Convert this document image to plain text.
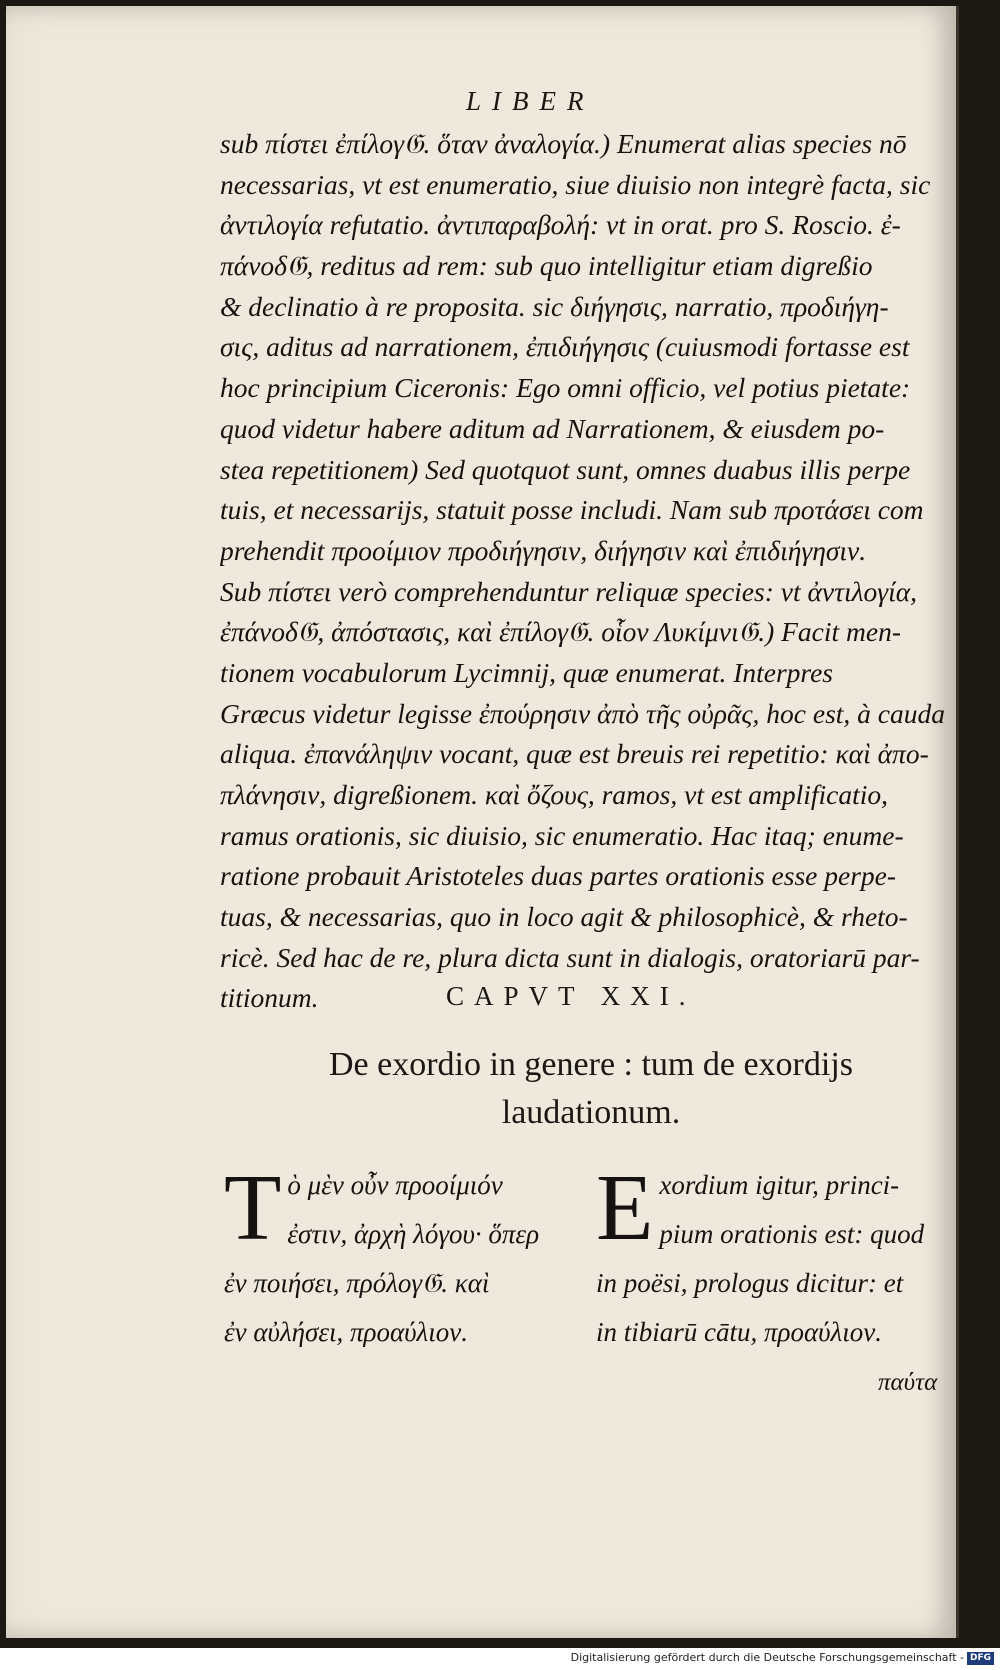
LIBER
sub πίστει ἐπίλογ𝔊. ὅταν ἀναλογία.) Enumerat alias species nō
necessarias, vt est enumeratio, siue diuisio non integrè facta, sic
ἀντιλογία refutatio. ἀντιπαραβολή: vt in orat. pro S. Roscio. ἐ-
πάνοδ𝔊, reditus ad rem: sub quo intelligitur etiam digreßio
& declinatio à re proposita. sic διήγησις, narratio, προδιήγη-
σις, aditus ad narrationem, ἐπιδιήγησις (cuiusmodi fortasse est
hoc principium Ciceronis: Ego omni officio, vel potius pietate:
quod videtur habere aditum ad Narrationem, & eiusdem po-
stea repetitionem) Sed quotquot sunt, omnes duabus illis perpe
tuis, et necessarijs, statuit posse includi. Nam sub προτάσει com
prehendit προοίμιον προδιήγησιν, διήγησιν καὶ ἐπιδιήγησιν.
Sub πίστει verò comprehenduntur reliquæ species: vt ἀντιλογία,
ἐπάνοδ𝔊, ἀπόστασις, καὶ ἐπίλογ𝔊. οἷον Λυκίμνι𝔊.) Facit men-
tionem vocabulorum Lycimnij, quæ enumerat. Interpres
Græcus videtur legisse ἐπούρησιν ἀπὸ τῆς οὐρᾶς, hoc est, à cauda
aliqua. ἐπανάληψιν vocant, quæ est breuis rei repetitio: καὶ ἀπο-
πλάνησιν, digreßionem. καὶ ὄζους, ramos, vt est amplificatio,
ramus orationis, sic diuisio, sic enumeratio. Hac itaq; enume-
ratione probauit Aristoteles duas partes orationis esse perpe-
tuas, & necessarias, quo in loco agit & philosophicè, & rheto-
ricè. Sed hac de re, plura dicta sunt in dialogis, oratoriarū par-
titionum.	CAPVT XXI.
De exordio in genere : tum de exordijs
laudationum.
T ὸ μὲν οὖν προοίμιόν
ἐστιν, ἀρχὴ λόγου· ὅπερ
ἐν ποιήσει, πρόλογ𝔊. καὶ
ἐν αὐλήσει, προαύλιον.
E xordium igitur, princi-
pium orationis est: quod
in poësi, prologus dicitur: et
in tibiarū cātu, προαύλιον.
παύτα
Digitalisierung gefördert durch die Deutsche Forschungsgemeinschaft - DFG
